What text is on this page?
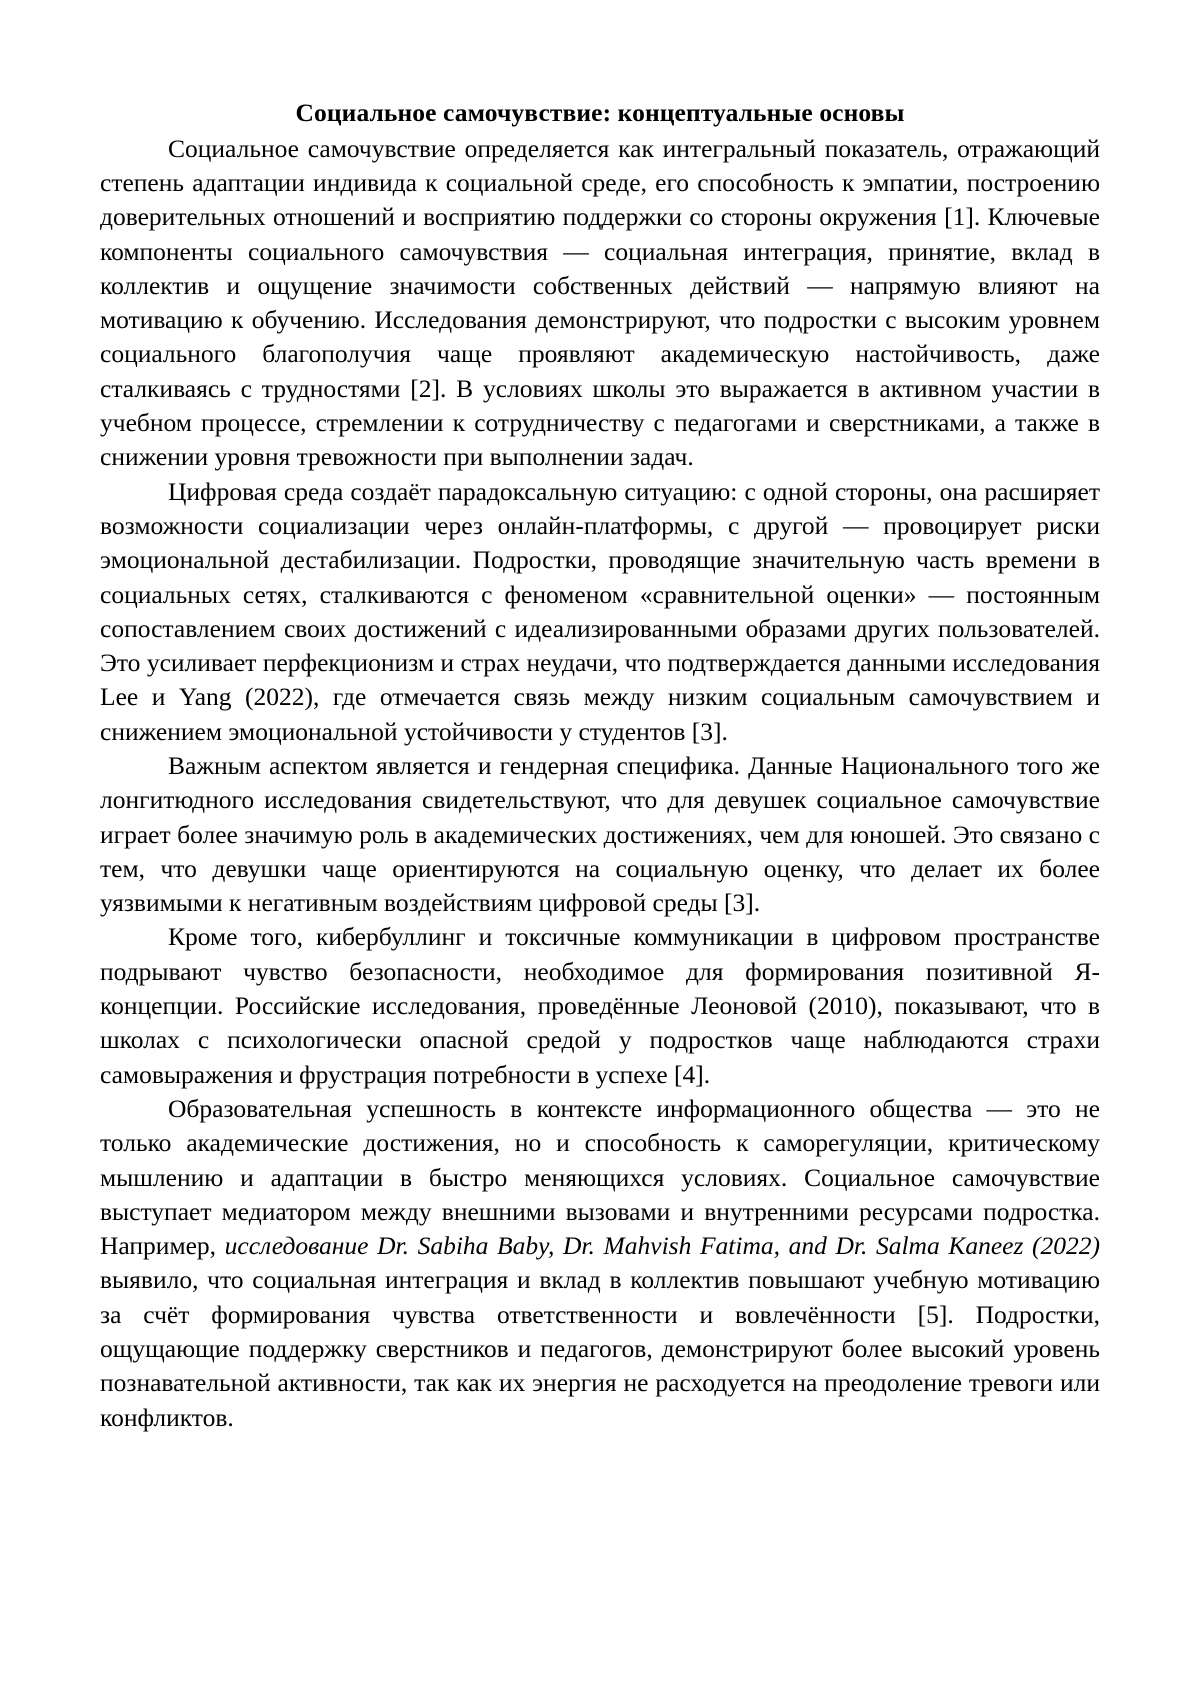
Социальное самочувствие: концептуальные основы

Социальное самочувствие определяется как интегральный показатель, отражающий степень адаптации индивида к социальной среде, его способность к эмпатии, построению доверительных отношений и восприятию поддержки со стороны окружения [1]. Ключевые компоненты социального самочувствия — социальная интеграция, принятие, вклад в коллектив и ощущение значимости собственных действий — напрямую влияют на мотивацию к обучению. Исследования демонстрируют, что подростки с высоким уровнем социального благополучия чаще проявляют академическую настойчивость, даже сталкиваясь с трудностями [2]. В условиях школы это выражается в активном участии в учебном процессе, стремлении к сотрудничеству с педагогами и сверстниками, а также в снижении уровня тревожности при выполнении задач.

Цифровая среда создаёт парадоксальную ситуацию: с одной стороны, она расширяет возможности социализации через онлайн-платформы, с другой — провоцирует риски эмоциональной дестабилизации. Подростки, проводящие значительную часть времени в социальных сетях, сталкиваются с феноменом «сравнительной оценки» — постоянным сопоставлением своих достижений с идеализированными образами других пользователей. Это усиливает перфекционизм и страх неудачи, что подтверждается данными исследования Lee и Yang (2022), где отмечается связь между низким социальным самочувствием и снижением эмоциональной устойчивости у студентов [3].

Важным аспектом является и гендерная специфика. Данные Национального того же лонгитюдного исследования свидетельствуют, что для девушек социальное самочувствие играет более значимую роль в академических достижениях, чем для юношей. Это связано с тем, что девушки чаще ориентируются на социальную оценку, что делает их более уязвимыми к негативным воздействиям цифровой среды [3].

Кроме того, кибербуллинг и токсичные коммуникации в цифровом пространстве подрывают чувство безопасности, необходимое для формирования позитивной Я-концепции. Российские исследования, проведённые Леоновой (2010), показывают, что в школах с психологически опасной средой у подростков чаще наблюдаются страхи самовыражения и фрустрация потребности в успехе [4].

Образовательная успешность в контексте информационного общества — это не только академические достижения, но и способность к саморегуляции, критическому мышлению и адаптации в быстро меняющихся условиях. Социальное самочувствие выступает медиатором между внешними вызовами и внутренними ресурсами подростка. Например, исследование Dr. Sabiha Baby, Dr. Mahvish Fatima, and Dr. Salma Kaneez (2022) выявило, что социальная интеграция и вклад в коллектив повышают учебную мотивацию за счёт формирования чувства ответственности и вовлечённости [5]. Подростки, ощущающие поддержку сверстников и педагогов, демонстрируют более высокий уровень познавательной активности, так как их энергия не расходуется на преодоление тревоги или конфликтов.
